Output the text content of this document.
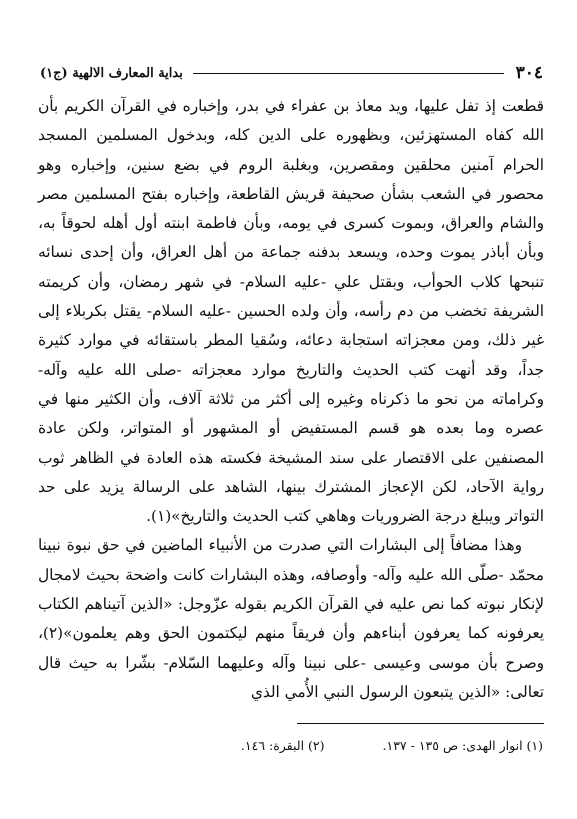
٣٠٤
بداية المعارف الالهية (ج١)

قطعت إذ تفل عليها، ويد معاذ بن عفراء في بدر، وإخباره في القرآن الكريم بأن الله كفاه المستهزئين، وبظهوره على الدين كله، وبدخول المسلمين المسجد الحرام آمنين محلقين ومقصرين، وبغلبة الروم في بضع سنين، وإخباره وهو محصور في الشعب بشأن صحيفة قريش القاطعة، وإخباره بفتح المسلمين مصر والشام والعراق، وبموت كسرى في يومه، وبأن فاطمة ابنته أول أهله لحوقاً به، وبأن أباذر يموت وحده، ويسعد بدفنه جماعة من أهل العراق، وأن إحدى نسائه تنبحها كلاب الحوأب، وبقتل علي -عليه السلام- في شهر رمضان، وأن كريمته الشريفة تخضب من دم رأسه، وأن ولده الحسين -عليه السلام- يقتل بكربلاء إلى غير ذلك، ومن معجزاته استجابة دعائه، وسُقيا المطر باستقائه في موارد كثيرة جداً، وقد أنهت كتب الحديث والتاريخ موارد معجزاته -صلى الله عليه وآله- وكراماته من نحو ما ذكرناه وغيره إلى أكثر من ثلاثة آلاف، وأن الكثير منها في عصره وما بعده هو قسم المستفيض أو المشهور أو المتواتر، ولكن عادة المصنفين على الاقتصار على سند المشيخة فكسته هذه العادة في الظاهر ثوب رواية الآحاد، لكن الإعجاز المشترك بينها، الشاهد على الرسالة يزيد على حد التواتر ويبلغ درجة الضروريات وهاهي كتب الحديث والتاريخ»(١).

وهذا مضافاً إلى البشارات التي صدرت من الأنبياء الماضين في حق نبوة نبينا محمّد -صلّى الله عليه وآله- وأوصافه، وهذه البشارات كانت واضحة بحيث لامجال لإنكار نبوته كما نص عليه في القرآن الكريم بقوله عزّوجل: «الذين آتيناهم الكتاب يعرفونه كما يعرفون أبناءهم وأن فريقاً منهم ليكتمون الحق وهم يعلمون»(٢)، وصرح بأن موسى وعيسى -على نبينا وآله وعليهما السّلام- بشّرا به حيث قال تعالى: «الذين يتبعون الرسول النبي الأُمي الذي

(١) انوار الهدى: ص ١٣٥ - ١٣٧.
(٢) البقرة: ١٤٦.
